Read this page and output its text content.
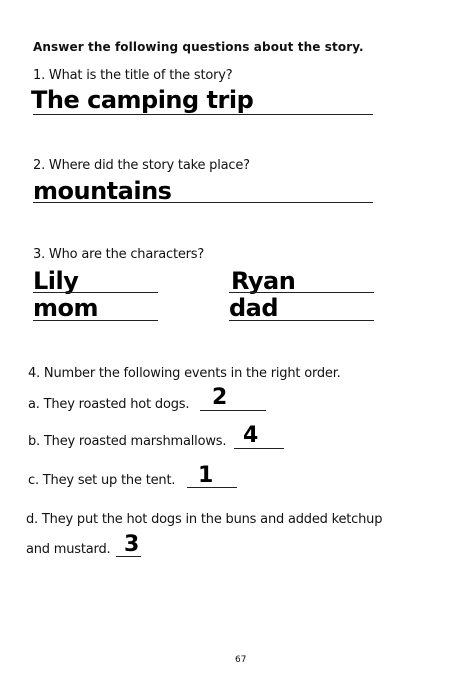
Answer the following questions about the story.
1. What is the title of the story?
The camping trip
2. Where did the story take place?
mountains
3. Who are the characters?
Lily	Ryan
mom	dad
4. Number the following events in the right order.
a. They roasted hot dogs. 2
b. They roasted marshmallows. 4
c. They set up the tent. 1
d. They put the hot dogs in the buns and added ketchup
and mustard. 3
67
